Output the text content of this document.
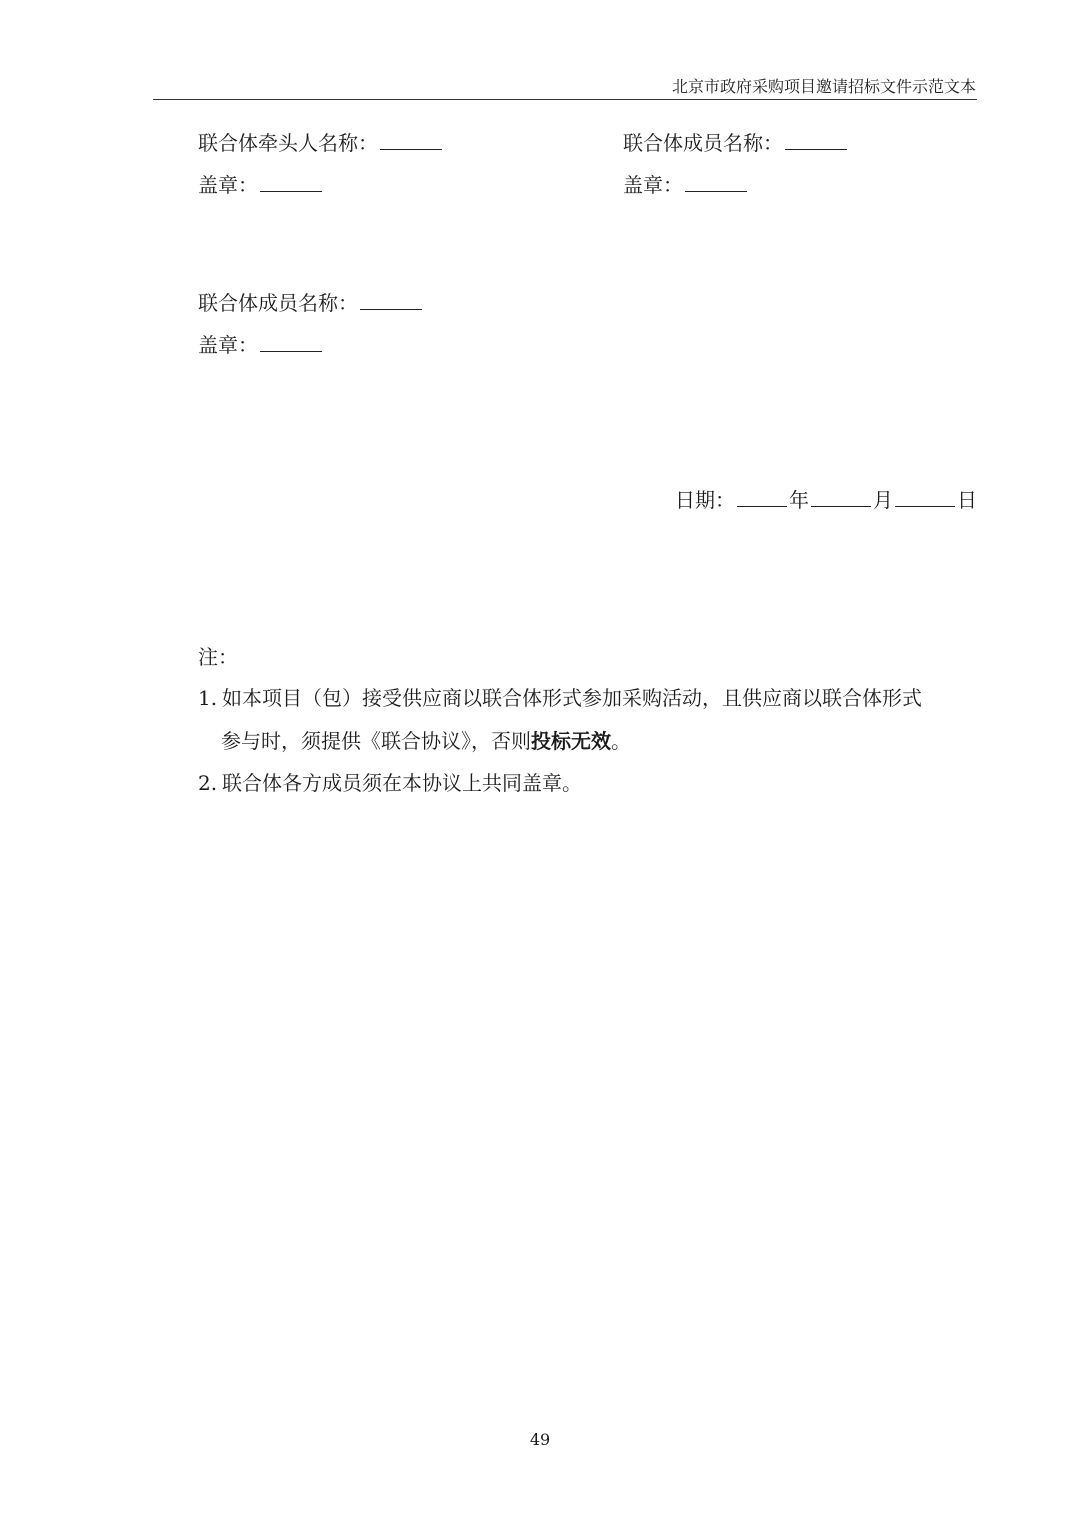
北京市政府采购项目邀请招标文件示范文本
联合体牵头人名称：
盖章：
联合体成员名称：
盖章：
联合体成员名称：
盖章：
日期：	年	月	日
注：
1. 如本项目（包）接受供应商以联合体形式参加采购活动，且供应商以联合体形式
参与时，须提供《联合协议》，否则投标无效。
2. 联合体各方成员须在本协议上共同盖章。
49
